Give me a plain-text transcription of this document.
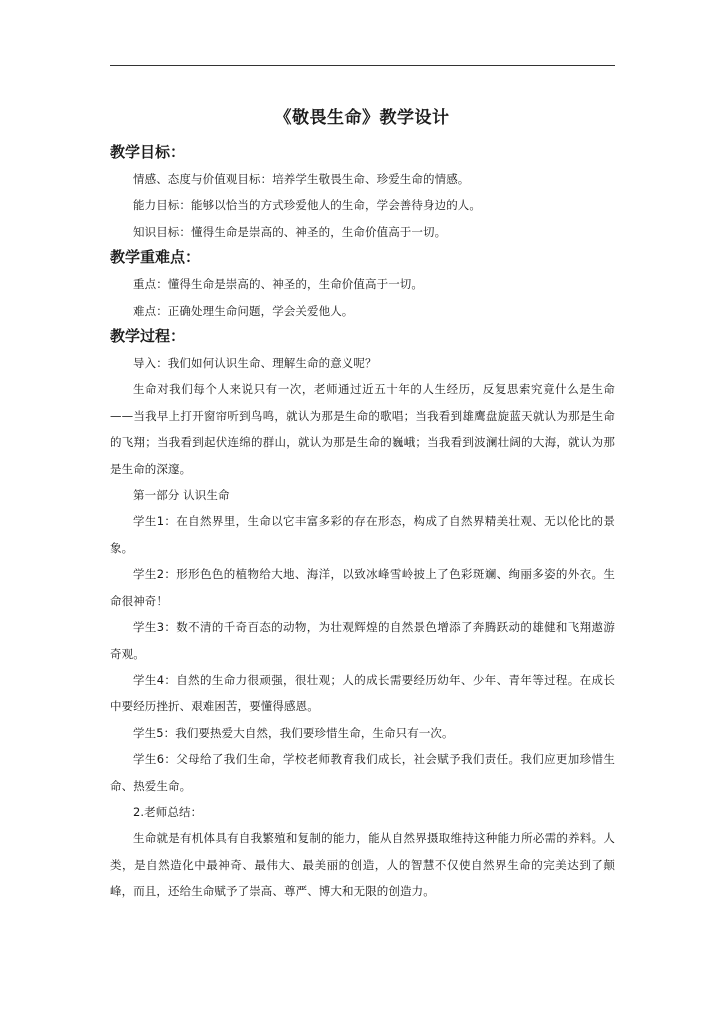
《敬畏生命》教学设计
教学目标：

情感、态度与价值观目标：培养学生敬畏生命、珍爱生命的情感。

能力目标：能够以恰当的方式珍爱他人的生命，学会善待身边的人。

知识目标：懂得生命是崇高的、神圣的，生命价值高于一切。

教学重难点：

重点：懂得生命是崇高的、神圣的，生命价值高于一切。

难点：正确处理生命问题，学会关爱他人。

教学过程：

导入：我们如何认识生命、理解生命的意义呢？

生命对我们每个人来说只有一次，老师通过近五十年的人生经历，反复思索究竟什么是生命——当我早上打开窗帘听到鸟鸣，就认为那是生命的歌唱；当我看到雄鹰盘旋蓝天就认为那是生命的飞翔；当我看到起伏连绵的群山，就认为那是生命的巍峨；当我看到波澜壮阔的大海，就认为那是生命的深邃。

第一部分 认识生命

学生1：在自然界里，生命以它丰富多彩的存在形态，构成了自然界精美壮观、无以伦比的景象。

学生2：形形色色的植物给大地、海洋，以致冰峰雪岭披上了色彩斑斓、绚丽多姿的外衣。生命很神奇！

学生3：数不清的千奇百态的动物，为壮观辉煌的自然景色增添了奔腾跃动的雄健和飞翔遨游奇观。

学生4：自然的生命力很顽强，很壮观；人的成长需要经历幼年、少年、青年等过程。在成长中要经历挫折、艰难困苦，要懂得感恩。

学生5：我们要热爱大自然，我们要珍惜生命，生命只有一次。

学生6：父母给了我们生命，学校老师教育我们成长，社会赋予我们责任。我们应更加珍惜生命、热爱生命。

2.老师总结：

生命就是有机体具有自我繁殖和复制的能力，能从自然界摄取维持这种能力所必需的养料。人类，是自然造化中最神奇、最伟大、最美丽的创造，人的智慧不仅使自然界生命的完美达到了颠峰，而且，还给生命赋予了崇高、尊严、博大和无限的创造力。
